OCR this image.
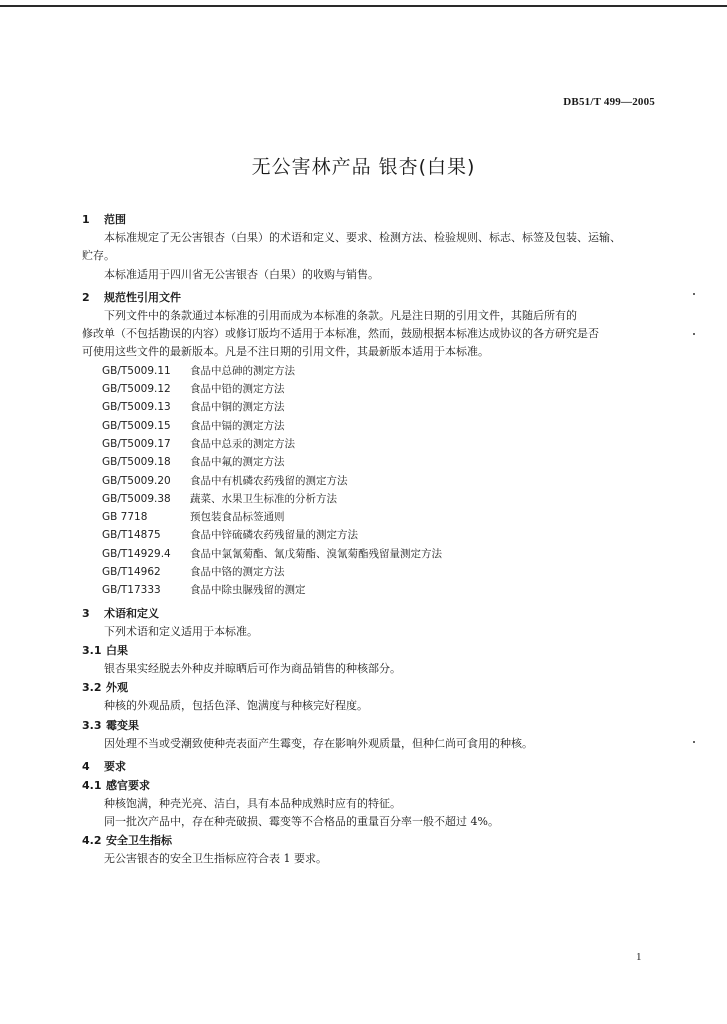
DB51/T 499—2005
无公害林产品 银杏(白果)
1 范围
本标准规定了无公害银杏（白果）的术语和定义、要求、检测方法、检验规则、标志、标签及包装、运输、
贮存。
本标准适用于四川省无公害银杏（白果）的收购与销售。
2 规范性引用文件
下列文件中的条款通过本标准的引用而成为本标准的条款。凡是注日期的引用文件，其随后所有的
修改单（不包括勘误的内容）或修订版均不适用于本标准，然而，鼓励根据本标准达成协议的各方研究是否
可使用这些文件的最新版本。凡是不注日期的引用文件，其最新版本适用于本标准。
GB/T5009.11 食品中总砷的测定方法
GB/T5009.12 食品中铅的测定方法
GB/T5009.13 食品中铜的测定方法
GB/T5009.15 食品中镉的测定方法
GB/T5009.17 食品中总汞的测定方法
GB/T5009.18 食品中氟的测定方法
GB/T5009.20 食品中有机磷农药残留的测定方法
GB/T5009.38 蔬菜、水果卫生标准的分析方法
GB 7718	预包装食品标签通则
GB/T14875	食品中锌硫磷农药残留量的测定方法
GB/T14929.4 食品中氯氰菊酯、氰戊菊酯、溴氰菊酯残留量测定方法
GB/T14962	食品中铬的测定方法
GB/T17333	食品中除虫脲残留的测定
3 术语和定义
下列术语和定义适用于本标准。
3.1 白果
银杏果实经脱去外种皮并晾晒后可作为商品销售的种核部分。
3.2 外观
种核的外观品质，包括色泽、饱满度与种核完好程度。
3.3 霉变果
因处理不当或受潮致使种壳表面产生霉变，存在影响外观质量，但种仁尚可食用的种核。
4 要求
4.1 感官要求
种核饱满，种壳光亮、洁白，具有本品种成熟时应有的特征。
同一批次产品中，存在种壳破损、霉变等不合格品的重量百分率一般不超过 4%。
4.2 安全卫生指标
无公害银杏的安全卫生指标应符合表 1 要求。
1
